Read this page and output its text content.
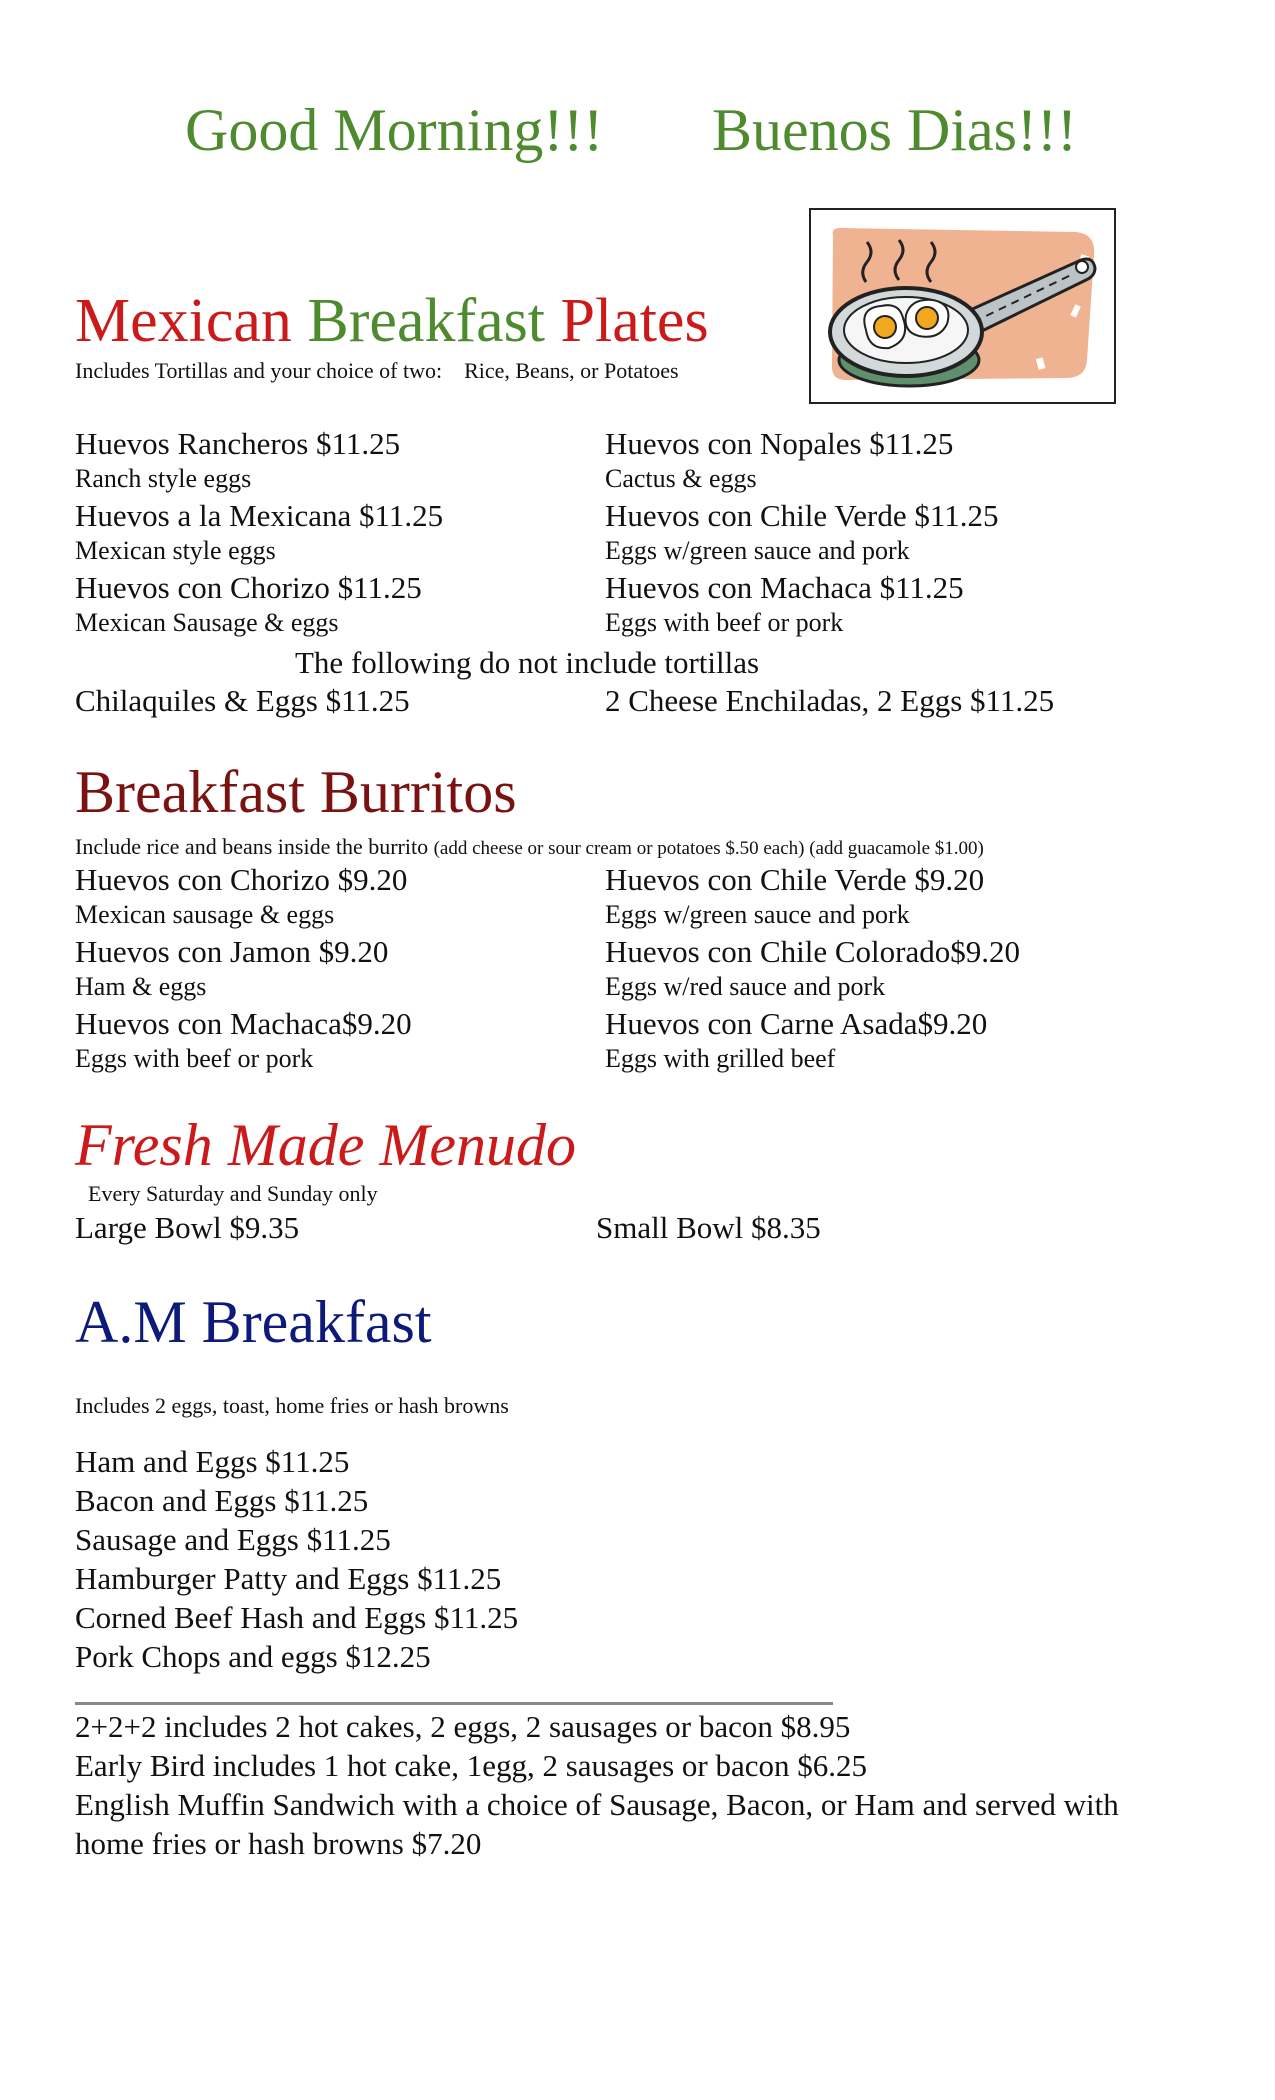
Good Morning!!! Buenos Dias!!!
Mexican Breakfast Plates
Includes Tortillas and your choice of two:    Rice, Beans, or Potatoes
Huevos Rancheros $11.25
Ranch style eggs
Huevos a la Mexicana $11.25
Mexican style eggs
Huevos con Chorizo $11.25
Mexican Sausage & eggs
Huevos con Nopales $11.25
Cactus & eggs
Huevos con Chile Verde $11.25
Eggs w/green sauce and pork
Huevos con Machaca $11.25
Eggs with beef or pork
The following do not include tortillas
Chilaquiles & Eggs $11.25	2 Cheese Enchiladas, 2 Eggs $11.25
Breakfast Burritos
Include rice and beans inside the burrito (add cheese or sour cream or potatoes $.50 each) (add guacamole $1.00)
Huevos con Chorizo $9.20
Mexican sausage & eggs
Huevos con Jamon $9.20
Ham & eggs
Huevos con Machaca$9.20
Eggs with beef or pork
Huevos con Chile Verde $9.20
Eggs w/green sauce and pork
Huevos con Chile Colorado$9.20
Eggs w/red sauce and pork
Huevos con Carne Asada$9.20
Eggs with grilled beef
Fresh Made Menudo
Every Saturday and Sunday only
Large Bowl $9.35	Small Bowl $8.35
A.M Breakfast
Includes 2 eggs, toast, home fries or hash browns
Ham and Eggs $11.25
Bacon and Eggs $11.25
Sausage and Eggs $11.25
Hamburger Patty and Eggs $11.25
Corned Beef Hash and Eggs $11.25
Pork Chops and eggs $12.25
2+2+2 includes 2 hot cakes, 2 eggs, 2 sausages or bacon $8.95
Early Bird includes 1 hot cake, 1egg, 2 sausages or bacon $6.25
English Muffin Sandwich with a choice of Sausage, Bacon, or Ham and served with
home fries or hash browns $7.20
